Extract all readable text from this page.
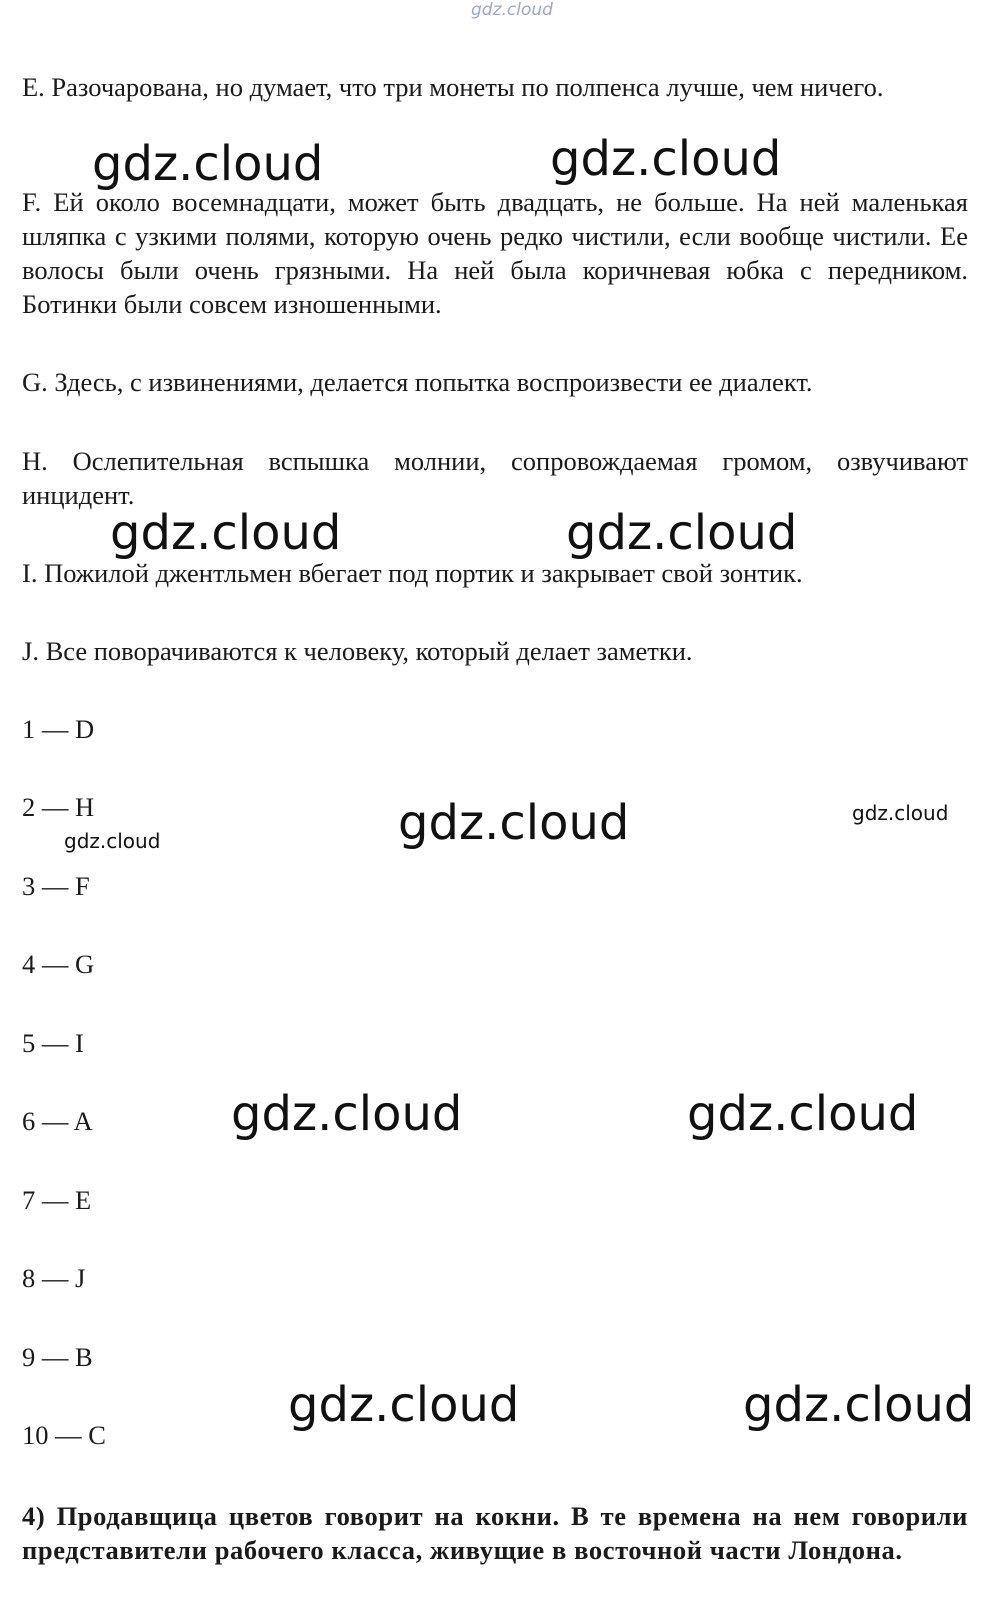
gdz.cloud

E. Разочарована, но думает, что три монеты по полпенса лучше, чем ничего.

F. Ей около восемнадцати, может быть двадцать, не больше. На ней маленькая шляпка с узкими полями, которую очень редко чистили, если вообще чистили. Ее волосы были очень грязными. На ней была коричневая юбка с передником. Ботинки были совсем изношенными.

G. Здесь, с извинениями, делается попытка воспроизвести ее диалект.

H. Ослепительная вспышка молнии, сопровождаемая громом, озвучивают инцидент.

I. Пожилой джентльмен вбегает под портик и закрывает свой зонтик.

J. Все поворачиваются к человеку, который делает заметки.

1 — D

2 — H

3 — F

4 — G

5 — I

6 — A

7 — E

8 — J

9 — B

10 — C

4) Продавщица цветов говорит на кокни. В те времена на нем говорили представители рабочего класса, живущие в восточной части Лондона.

gdz.cloud	gdz.cloud
gdz.cloud	gdz.cloud
gdz.cloud	gdz.cloud
gdz.cloud
gdz.cloud	gdz.cloud
gdz.cloud	gdz.cloud
